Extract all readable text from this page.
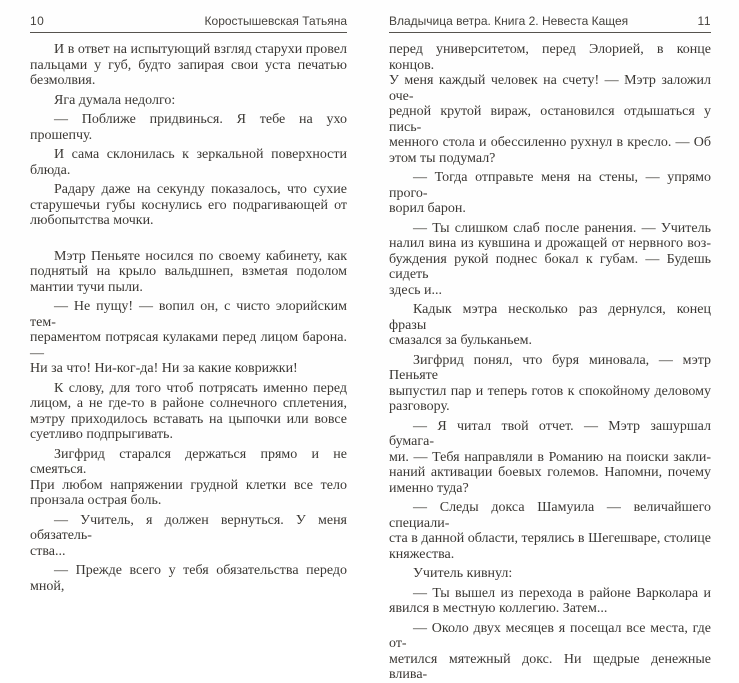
10	Коростышевская Татьяна
И в ответ на испытующий взгляд старухи провел
пальцами у губ, будто запирая свои уста печатью
безмолвия.
Яга думала недолго:
— Поближе придвинься. Я тебе на ухо прошепчу.
И сама склонилась к зеркальной поверхности
блюда.
Радару даже на секунду показалось, что сухие
старушечьи губы коснулись его подрагивающей от
любопытства мочки.
Мэтр Пеньяте носился по своему кабинету, как
поднятый на крыло вальдшнеп, взметая подолом
мантии тучи пыли.
— Не пущу! — вопил он, с чисто элорийским тем-
пераментом потрясая кулаками перед лицом барона. —
Ни за что! Ни-ког-да! Ни за какие коврижки!
К слову, для того чтоб потрясать именно перед
лицом, а не где-то в районе солнечного сплетения,
мэтру приходилось вставать на цыпочки или вовсе
суетливо подпрыгивать.
Зигфрид старался держаться прямо и не смеяться.
При любом напряжении грудной клетки все тело
пронзала острая боль.
— Учитель, я должен вернуться. У меня обязатель-
ства...
— Прежде всего у тебя обязательства передо мной,
Владычица ветра. Книга 2. Невеста Кащея	11
перед университетом, перед Элорией, в конце концов.
У меня каждый человек на счету! — Мэтр заложил оче-
редной крутой вираж, остановился отдышаться у пись-
менного стола и обессиленно рухнул в кресло. — Об
этом ты подумал?
— Тогда отправьте меня на стены, — упрямо прого-
ворил барон.
— Ты слишком слаб после ранения. — Учитель
налил вина из кувшина и дрожащей от нервного воз-
буждения рукой поднес бокал к губам. — Будешь сидеть
здесь и...
Кадык мэтра несколько раз дернулся, конец фразы
смазался за бульканьем.
Зигфрид понял, что буря миновала, — мэтр Пеньяте
выпустил пар и теперь готов к спокойному деловому
разговору.
— Я читал твой отчет. — Мэтр зашуршал бумага-
ми. — Тебя направляли в Романию на поиски закли-
наний активации боевых големов. Напомни, почему
именно туда?
— Следы докса Шамуила — величайшего специали-
ста в данной области, терялись в Шегешваре, столице
княжества.
Учитель кивнул:
— Ты вышел из перехода в районе Варколара и
явился в местную коллегию. Затем...
— Около двух месяцев я посещал все места, где от-
метился мятежный докс. Ни щедрые денежные влива-
